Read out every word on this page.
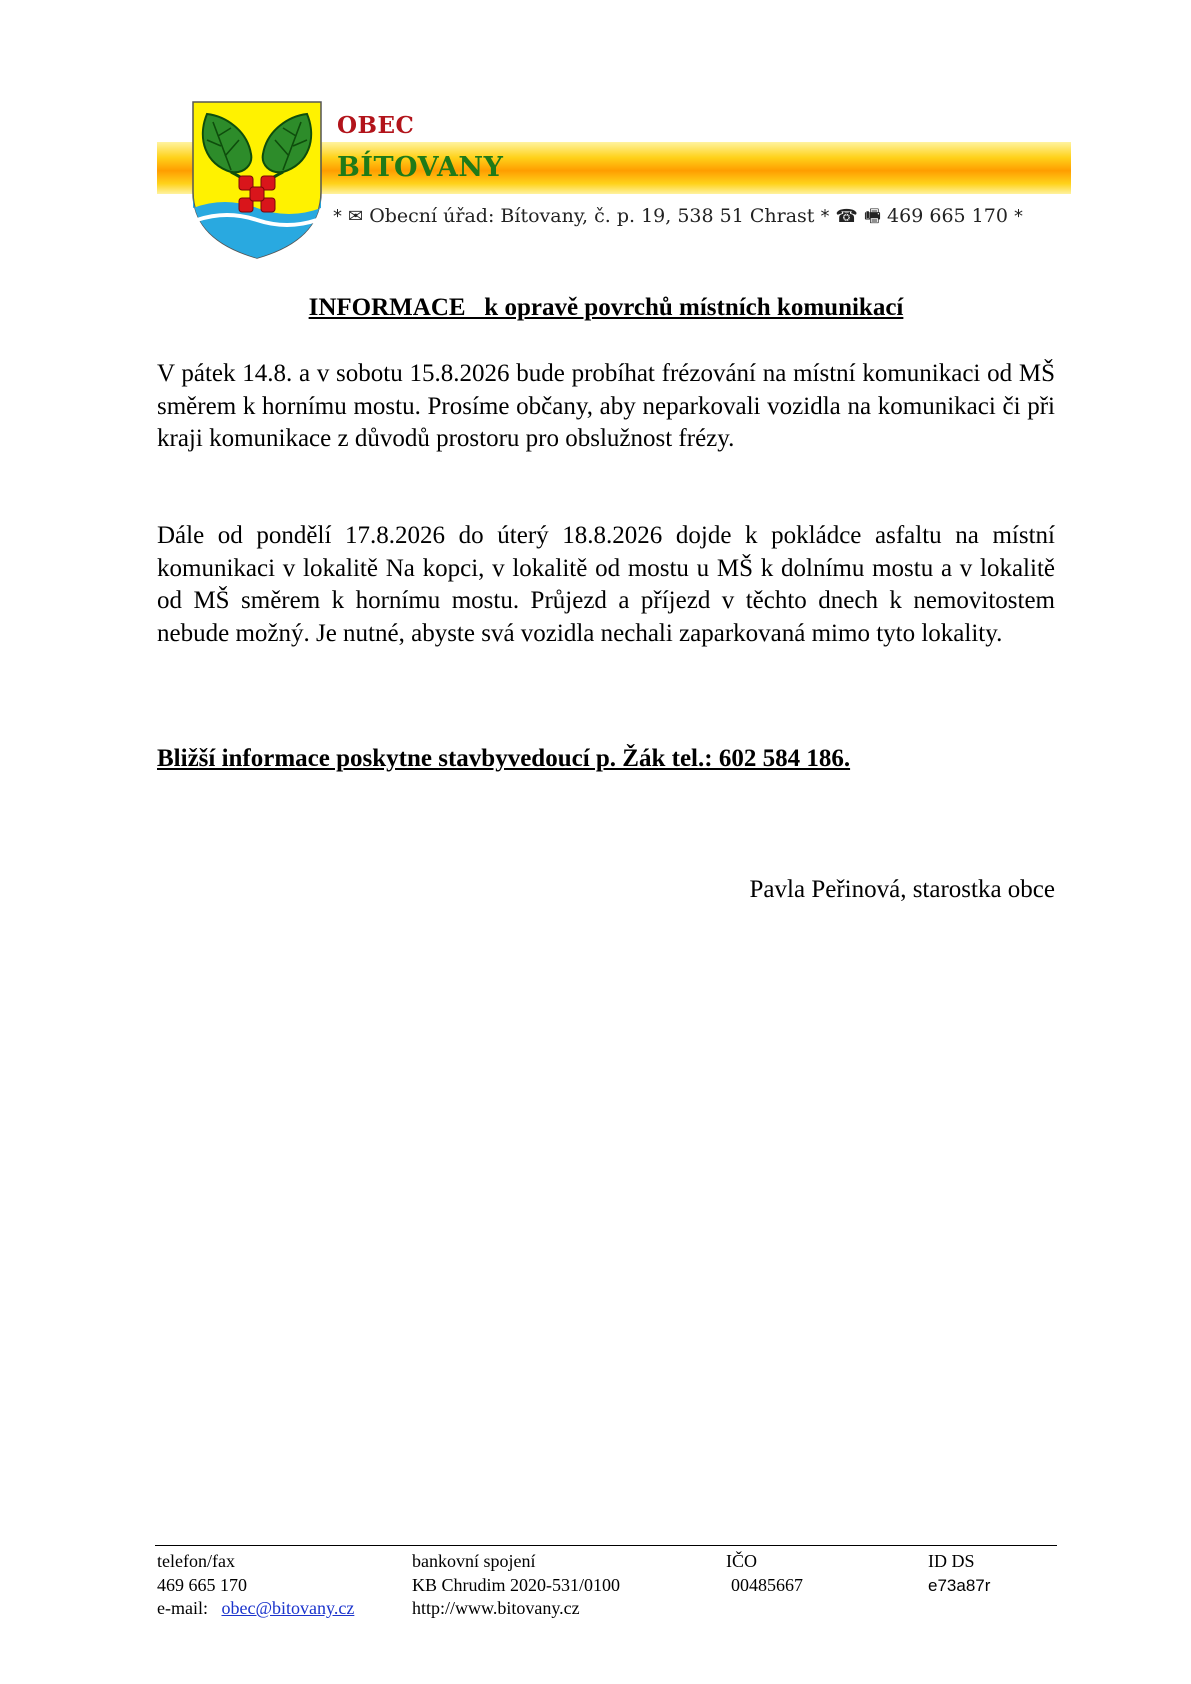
OBEC
BÍTOVANY
* ✉ Obecní úřad: Bítovany, č. p. 19, 538 51 Chrast * ☎ 🖷 469 665 170 *
INFORMACE   k opravě povrchů místních komunikací
V pátek 14.8. a v sobotu 15.8.2026 bude probíhat frézování na místní komunikaci od MŠ směrem k hornímu mostu. Prosíme občany, aby neparkovali vozidla na komunikaci či při kraji komunikace z důvodů prostoru pro obslužnost frézy.
Dále od pondělí 17.8.2026 do úterý 18.8.2026 dojde k pokládce asfaltu na místní komunikaci v lokalitě Na kopci, v lokalitě od mostu u MŠ k dolnímu mostu a v lokalitě od MŠ směrem k hornímu mostu. Průjezd a příjezd v těchto dnech k nemovitostem nebude možný. Je nutné, abyste svá vozidla nechali zaparkovaná mimo tyto lokality.
Bližší informace poskytne stavbyvedoucí p. Žák tel.: 602 584 186.
Pavla Peřinová, starostka obce
telefon/fax
469 665 170
e-mail: obec@bitovany.cz
bankovní spojení
KB Chrudim 2020-531/0100
http://www.bitovany.cz
IČO
00485667
ID DS
e73a87r
